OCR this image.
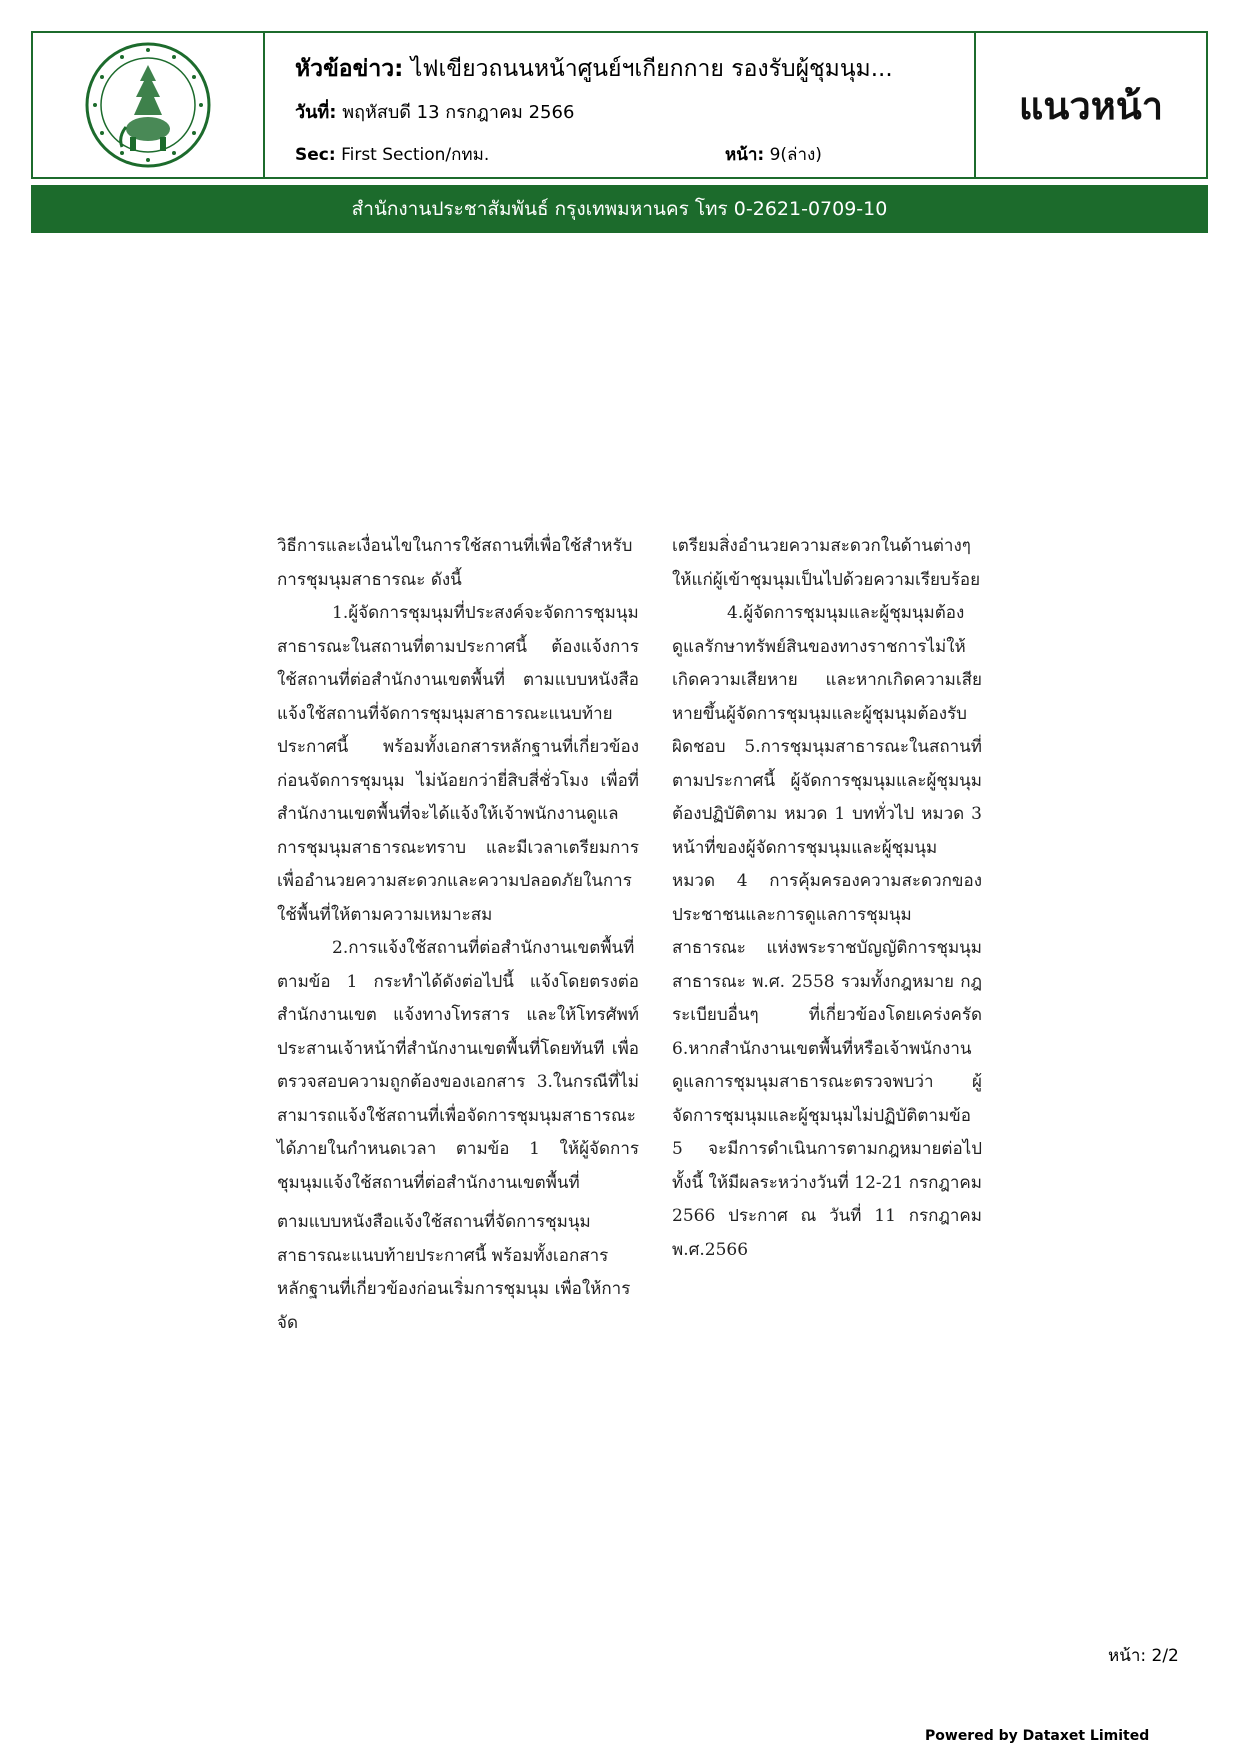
หัวข้อข่าว: ไฟเขียวถนนหน้าศูนย์ฯเกียกกาย รองรับผู้ชุมนุม...
วันที่: พฤหัสบดี 13 กรกฎาคม 2566
Sec: First Section/กทม.	หน้า: 9(ล่าง)
แนวหน้า
สำนักงานประชาสัมพันธ์ กรุงเทพมหานคร โทร 0-2621-0709-10

วิธีการและเงื่อนไขในการใช้สถานที่เพื่อใช้สำหรับการชุมนุมสาธารณะ ดังนี้

1.ผู้จัดการชุมนุมที่ประสงค์จะจัดการชุมนุมสาธารณะในสถานที่ตามประกาศนี้ ต้องแจ้งการใช้สถานที่ต่อสำนักงานเขตพื้นที่ ตามแบบหนังสือแจ้งใช้สถานที่จัดการชุมนุมสาธารณะแนบท้ายประกาศนี้ พร้อมทั้งเอกสารหลักฐานที่เกี่ยวข้องก่อนจัดการชุมนุม ไม่น้อยกว่ายี่สิบสี่ชั่วโมง เพื่อที่สำนักงานเขตพื้นที่จะได้แจ้งให้เจ้าพนักงานดูแลการชุมนุมสาธารณะทราบ และมีเวลาเตรียมการเพื่ออำนวยความสะดวกและความปลอดภัยในการใช้พื้นที่ให้ตามความเหมาะสม

2.การแจ้งใช้สถานที่ต่อสำนักงานเขตพื้นที่ตามข้อ 1 กระทำได้ดังต่อไปนี้ แจ้งโดยตรงต่อสำนักงานเขต แจ้งทางโทรสาร และให้โทรศัพท์ประสานเจ้าหน้าที่สำนักงานเขตพื้นที่โดยทันที เพื่อตรวจสอบความถูกต้องของเอกสาร 3.ในกรณีที่ไม่สามารถแจ้งใช้สถานที่เพื่อจัดการชุมนุมสาธารณะได้ภายในกำหนดเวลา ตามข้อ 1 ให้ผู้จัดการชุมนุมแจ้งใช้สถานที่ต่อสำนักงานเขตพื้นที่

ตามแบบหนังสือแจ้งใช้สถานที่จัดการชุมนุมสาธารณะแนบท้ายประกาศนี้ พร้อมทั้งเอกสารหลักฐานที่เกี่ยวข้องก่อนเริ่มการชุมนุม เพื่อให้การจัด

เตรียมสิ่งอำนวยความสะดวกในด้านต่างๆ ให้แก่ผู้เข้าชุมนุมเป็นไปด้วยความเรียบร้อย

4.ผู้จัดการชุมนุมและผู้ชุมนุมต้องดูแลรักษาทรัพย์สินของทางราชการไม่ให้เกิดความเสียหาย และหากเกิดความเสียหายขึ้นผู้จัดการชุมนุมและผู้ชุมนุมต้องรับผิดชอบ 5.การชุมนุมสาธารณะในสถานที่ตามประกาศนี้ ผู้จัดการชุมนุมและผู้ชุมนุมต้องปฏิบัติตาม หมวด 1 บททั่วไป หมวด 3 หน้าที่ของผู้จัดการชุมนุมและผู้ชุมนุม หมวด 4 การคุ้มครองความสะดวกของประชาชนและการดูแลการชุมนุมสาธารณะ แห่งพระราชบัญญัติการชุมนุมสาธารณะ พ.ศ. 2558 รวมทั้งกฎหมาย กฎ ระเบียบอื่นๆ ที่เกี่ยวข้องโดยเคร่งครัด 6.หากสำนักงานเขตพื้นที่หรือเจ้าพนักงานดูแลการชุมนุมสาธารณะตรวจพบว่า ผู้จัดการชุมนุมและผู้ชุมนุมไม่ปฏิบัติตามข้อ 5 จะมีการดำเนินการตามกฎหมายต่อไป ทั้งนี้ ให้มีผลระหว่างวันที่ 12-21 กรกฎาคม 2566 ประกาศ ณ วันที่ 11 กรกฎาคม พ.ศ.2566

หน้า: 2/2
Powered by Dataxet Limited
